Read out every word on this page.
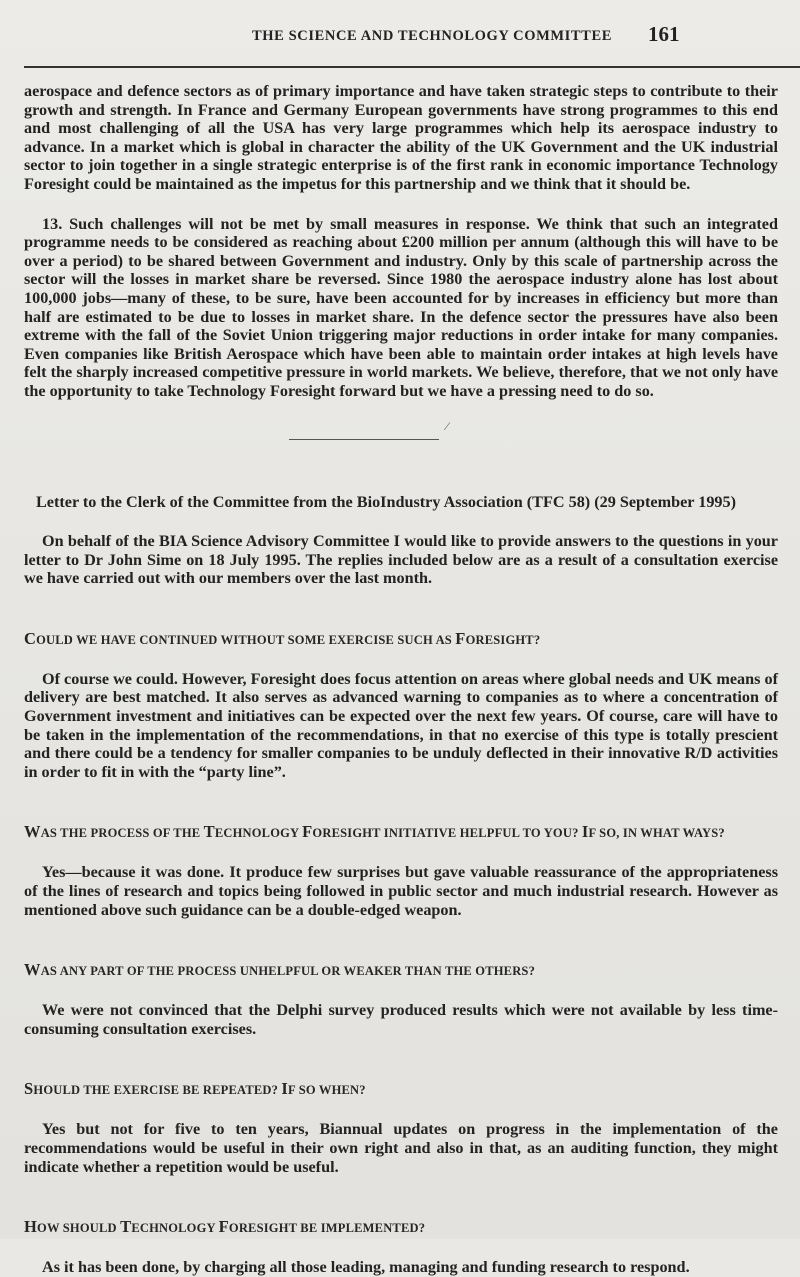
THE SCIENCE AND TECHNOLOGY COMMITTEE 161

aerospace and defence sectors as of primary importance and have taken strategic steps to contribute to their growth and strength. In France and Germany European governments have strong programmes to this end and most challenging of all the USA has very large programmes which help its aerospace industry to advance. In a market which is global in character the ability of the UK Government and the UK industrial sector to join together in a single strategic enterprise is of the first rank in economic importance Technology Foresight could be maintained as the impetus for this partnership and we think that it should be.

13. Such challenges will not be met by small measures in response. We think that such an integrated programme needs to be considered as reaching about £200 million per annum (although this will have to be over a period) to be shared between Government and industry. Only by this scale of partnership across the sector will the losses in market share be reversed. Since 1980 the aerospace industry alone has lost about 100,000 jobs—many of these, to be sure, have been accounted for by increases in efficiency but more than half are estimated to be due to losses in market share. In the defence sector the pressures have also been extreme with the fall of the Soviet Union triggering major reductions in order intake for many companies. Even companies like British Aerospace which have been able to maintain order intakes at high levels have felt the sharply increased competitive pressure in world markets. We believe, therefore, that we not only have the opportunity to take Technology Foresight forward but we have a pressing need to do so.

⁄

Letter to the Clerk of the Committee from the BioIndustry Association (TFC 58) (29 September 1995)

On behalf of the BIA Science Advisory Committee I would like to provide answers to the questions in your letter to Dr John Sime on 18 July 1995. The replies included below are as a result of a consultation exercise we have carried out with our members over the last month.

COULD WE HAVE CONTINUED WITHOUT SOME EXERCISE SUCH AS FORESIGHT?

Of course we could. However, Foresight does focus attention on areas where global needs and UK means of delivery are best matched. It also serves as advanced warning to companies as to where a concentration of Government investment and initiatives can be expected over the next few years. Of course, care will have to be taken in the implementation of the recommendations, in that no exercise of this type is totally prescient and there could be a tendency for smaller companies to be unduly deflected in their innovative R/D activities in order to fit in with the “party line”.

WAS THE PROCESS OF THE TECHNOLOGY FORESIGHT INITIATIVE HELPFUL TO YOU? IF SO, IN WHAT WAYS?

Yes—because it was done. It produce few surprises but gave valuable reassurance of the appropriateness of the lines of research and topics being followed in public sector and much industrial research. However as mentioned above such guidance can be a double-edged weapon.

WAS ANY PART OF THE PROCESS UNHELPFUL OR WEAKER THAN THE OTHERS?

We were not convinced that the Delphi survey produced results which were not available by less time-consuming consultation exercises.

SHOULD THE EXERCISE BE REPEATED? IF SO WHEN?

Yes but not for five to ten years, Biannual updates on progress in the implementation of the recommendations would be useful in their own right and also in that, as an auditing function, they might indicate whether a repetition would be useful.

HOW SHOULD TECHNOLOGY FORESIGHT BE IMPLEMENTED?

As it has been done, by charging all those leading, managing and funding research to respond.
